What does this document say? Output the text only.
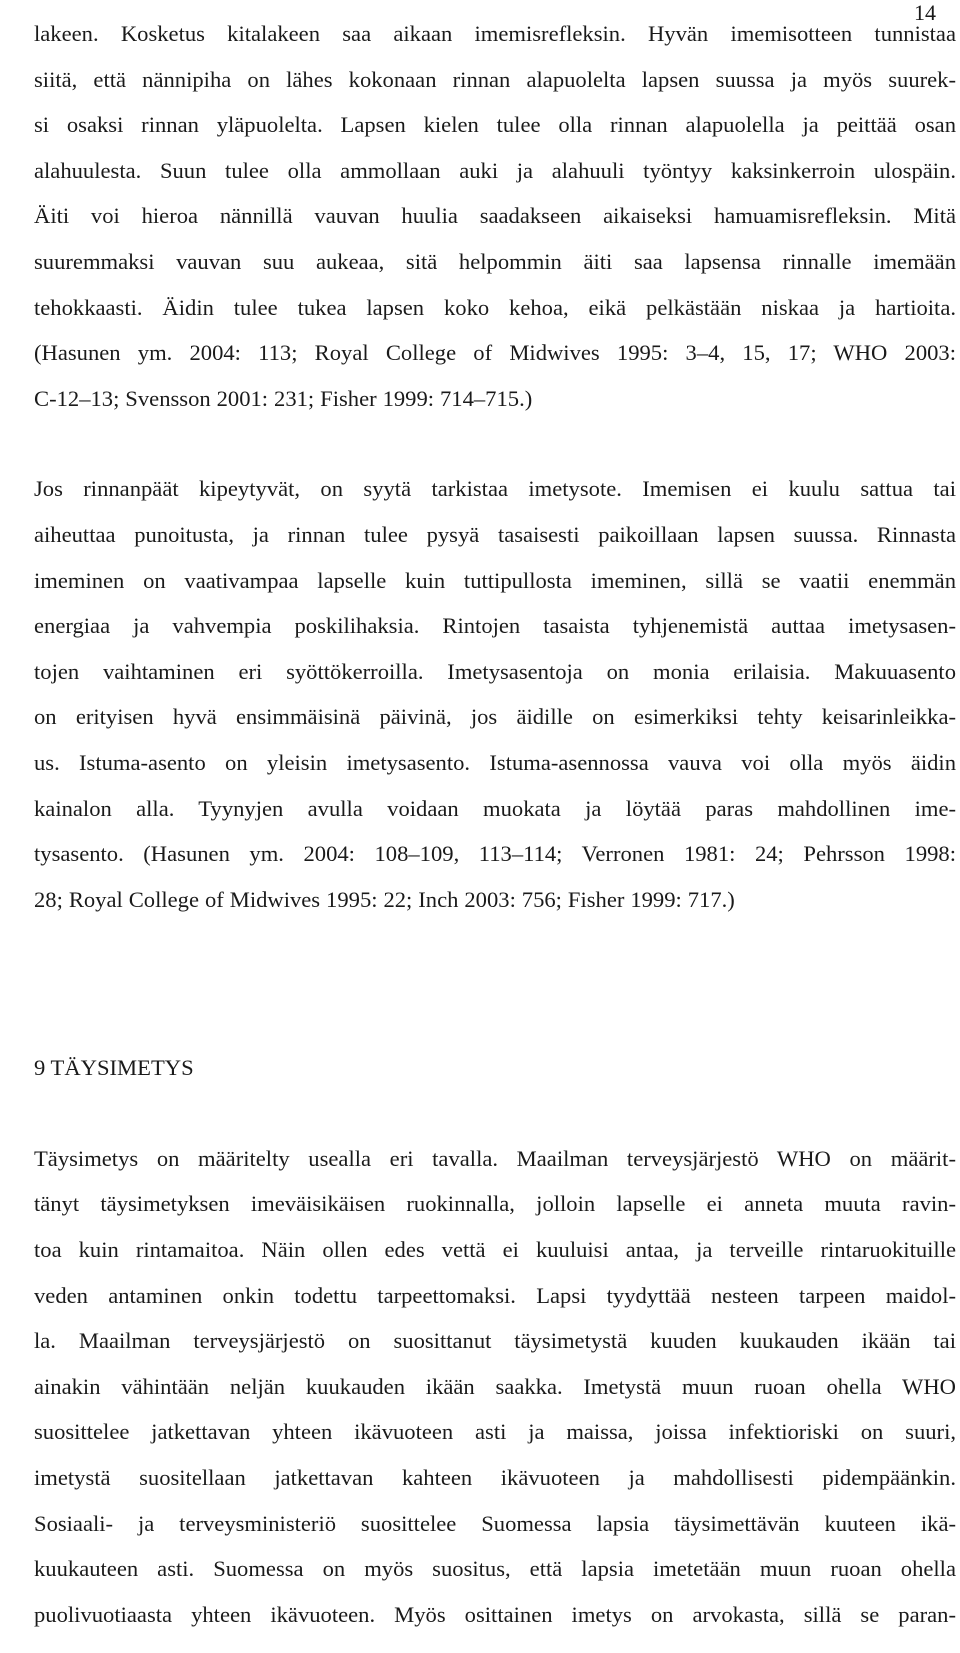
14
lakeen. Kosketus kitalakeen saa aikaan imemisrefleksin. Hyvän imemisotteen tunnistaa
siitä, että nännipiha on lähes kokonaan rinnan alapuolelta lapsen suussa ja myös suurek-
si osaksi rinnan yläpuolelta. Lapsen kielen tulee olla rinnan alapuolella ja peittää osan
alahuulesta. Suun tulee olla ammollaan auki ja alahuuli työntyy kaksinkerroin ulospäin.
Äiti voi hieroa nännillä vauvan huulia saadakseen aikaiseksi hamuamisrefleksin. Mitä
suuremmaksi vauvan suu aukeaa, sitä helpommin äiti saa lapsensa rinnalle imemään
tehokkaasti. Äidin tulee tukea lapsen koko kehoa, eikä pelkästään niskaa ja hartioita.
(Hasunen ym. 2004: 113; Royal College of Midwives 1995: 3–4, 15, 17; WHO 2003:
C-12–13; Svensson 2001: 231; Fisher 1999: 714–715.)
Jos rinnanpäät kipeytyvät, on syytä tarkistaa imetysote. Imemisen ei kuulu sattua tai
aiheuttaa punoitusta, ja rinnan tulee pysyä tasaisesti paikoillaan lapsen suussa. Rinnasta
imeminen on vaativampaa lapselle kuin tuttipullosta imeminen, sillä se vaatii enemmän
energiaa ja vahvempia poskilihaksia. Rintojen tasaista tyhjenemistä auttaa imetysasen-
tojen vaihtaminen eri syöttökerroilla. Imetysasentoja on monia erilaisia. Makuuasento
on erityisen hyvä ensimmäisinä päivinä, jos äidille on esimerkiksi tehty keisarinleikka-
us. Istuma-asento on yleisin imetysasento. Istuma-asennossa vauva voi olla myös äidin
kainalon alla. Tyynyjen avulla voidaan muokata ja löytää paras mahdollinen ime-
tysasento. (Hasunen ym. 2004: 108–109, 113–114; Verronen 1981: 24; Pehrsson 1998:
28; Royal College of Midwives 1995: 22; Inch 2003: 756; Fisher 1999: 717.)
9 TÄYSIMETYS
Täysimetys on määritelty usealla eri tavalla. Maailman terveysjärjestö WHO on määrit-
tänyt täysimetyksen imeväisikäisen ruokinnalla, jolloin lapselle ei anneta muuta ravin-
toa kuin rintamaitoa. Näin ollen edes vettä ei kuuluisi antaa, ja terveille rintaruokituille
veden antaminen onkin todettu tarpeettomaksi. Lapsi tyydyttää nesteen tarpeen maidol-
la. Maailman terveysjärjestö on suosittanut täysimetystä kuuden kuukauden ikään tai
ainakin vähintään neljän kuukauden ikään saakka. Imetystä muun ruoan ohella WHO
suosittelee jatkettavan yhteen ikävuoteen asti ja maissa, joissa infektioriski on suuri,
imetystä suositellaan jatkettavan kahteen ikävuoteen ja mahdollisesti pidempäänkin.
Sosiaali- ja terveysministeriö suosittelee Suomessa lapsia täysimettävän kuuteen ikä-
kuukauteen asti. Suomessa on myös suositus, että lapsia imetetään muun ruoan ohella
puolivuotiaasta yhteen ikävuoteen. Myös osittainen imetys on arvokasta, sillä se paran-
